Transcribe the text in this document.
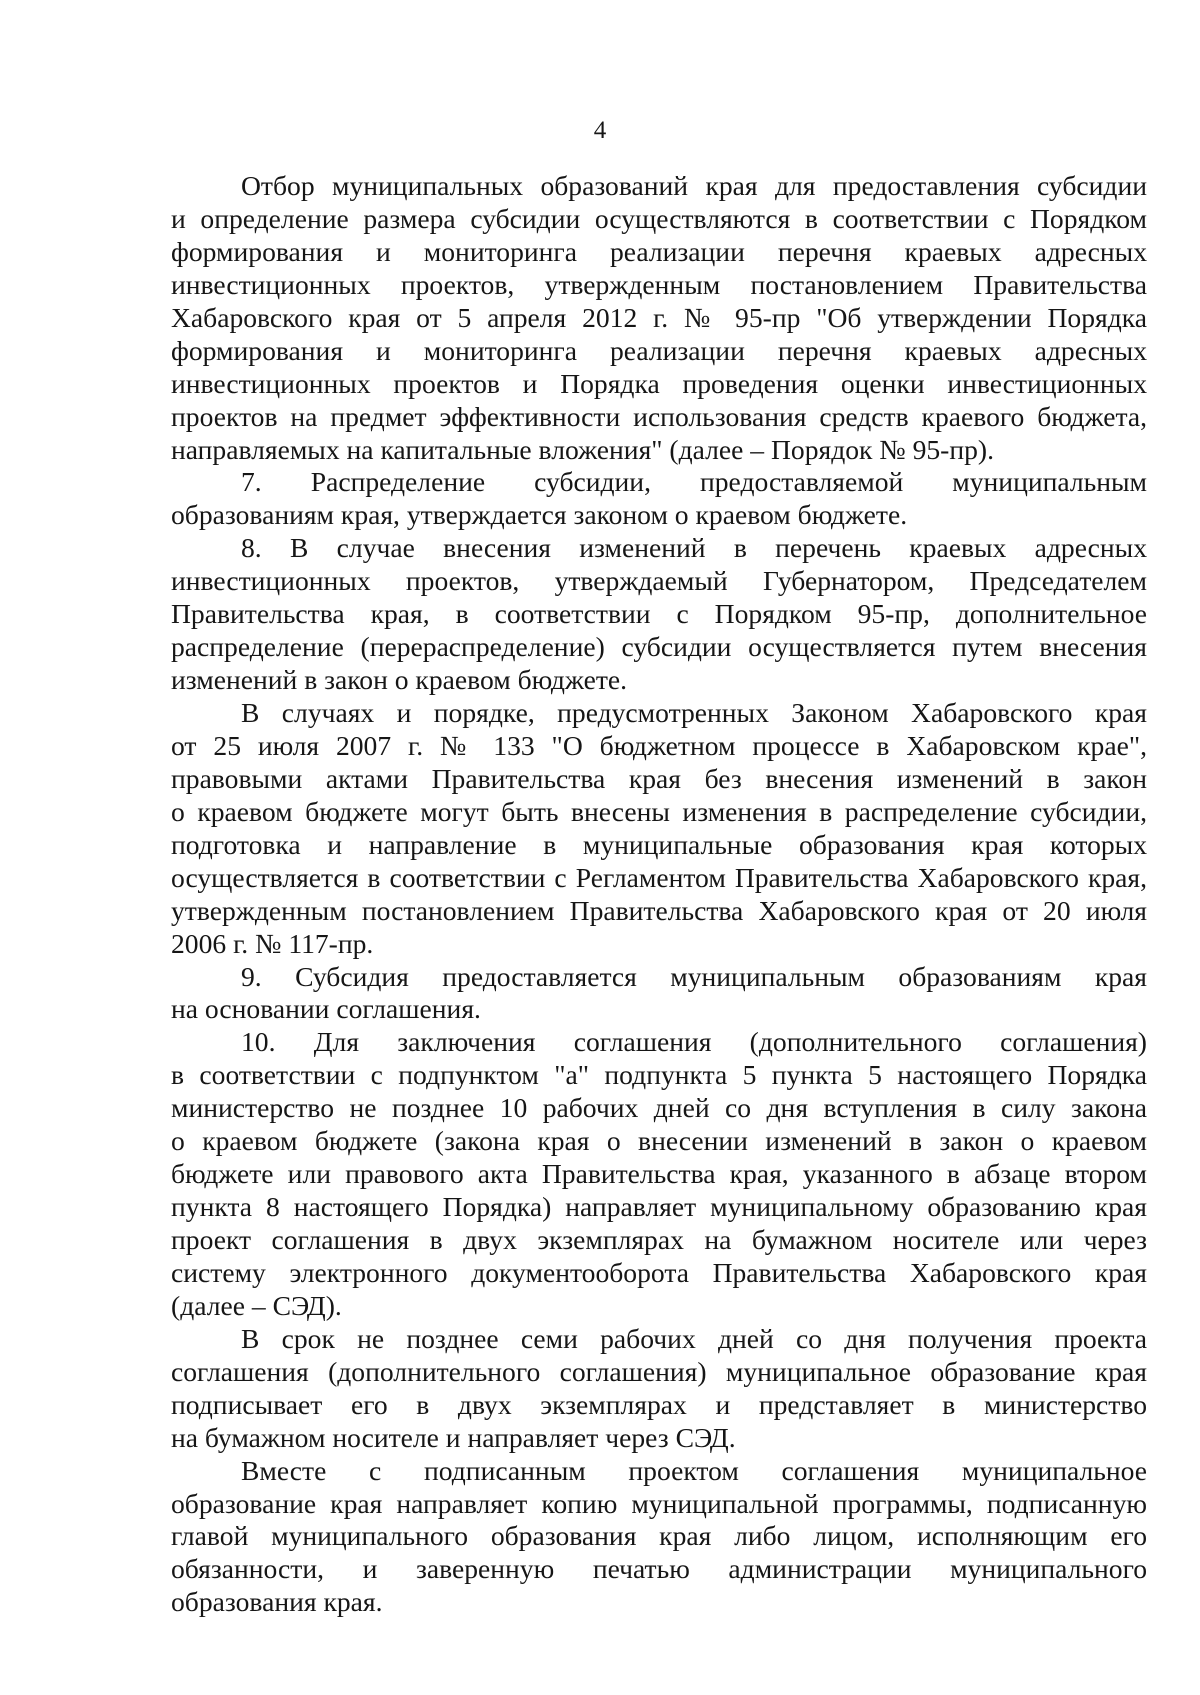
4
Отбор муниципальных образований края для предоставления субсидии
и определение размера субсидии осуществляются в соответствии с Порядком
формирования и мониторинга реализации перечня краевых адресных
инвестиционных проектов, утвержденным постановлением Правительства
Хабаровского края от 5 апреля 2012 г. № 95-пр "Об утверждении Порядка
формирования и мониторинга реализации перечня краевых адресных
инвестиционных проектов и Порядка проведения оценки инвестиционных
проектов на предмет эффективности использования средств краевого бюджета,
направляемых на капитальные вложения" (далее – Порядок № 95-пр).
7. Распределение субсидии, предоставляемой муниципальным
образованиям края, утверждается законом о краевом бюджете.
8. В случае внесения изменений в перечень краевых адресных
инвестиционных проектов, утверждаемый Губернатором, Председателем
Правительства края, в соответствии с Порядком 95-пр, дополнительное
распределение (перераспределение) субсидии осуществляется путем внесения
изменений в закон о краевом бюджете.
В случаях и порядке, предусмотренных Законом Хабаровского края
от 25 июля 2007 г. № 133 "О бюджетном процессе в Хабаровском крае",
правовыми актами Правительства края без внесения изменений в закон
о краевом бюджете могут быть внесены изменения в распределение субсидии,
подготовка и направление в муниципальные образования края которых
осуществляется в соответствии с Регламентом Правительства Хабаровского края,
утвержденным постановлением Правительства Хабаровского края от 20 июля
2006 г. № 117-пр.
9. Субсидия предоставляется муниципальным образованиям края
на основании соглашения.
10. Для заключения соглашения (дополнительного соглашения)
в соответствии с подпунктом "а" подпункта 5 пункта 5 настоящего Порядка
министерство не позднее 10 рабочих дней со дня вступления в силу закона
о краевом бюджете (закона края о внесении изменений в закон о краевом
бюджете или правового акта Правительства края, указанного в абзаце втором
пункта 8 настоящего Порядка) направляет муниципальному образованию края
проект соглашения в двух экземплярах на бумажном носителе или через
систему электронного документооборота Правительства Хабаровского края
(далее – СЭД).
В срок не позднее семи рабочих дней со дня получения проекта
соглашения (дополнительного соглашения) муниципальное образование края
подписывает его в двух экземплярах и представляет в министерство
на бумажном носителе и направляет через СЭД.
Вместе с подписанным проектом соглашения муниципальное
образование края направляет копию муниципальной программы, подписанную
главой муниципального образования края либо лицом, исполняющим его
обязанности, и заверенную печатью администрации муниципального
образования края.
